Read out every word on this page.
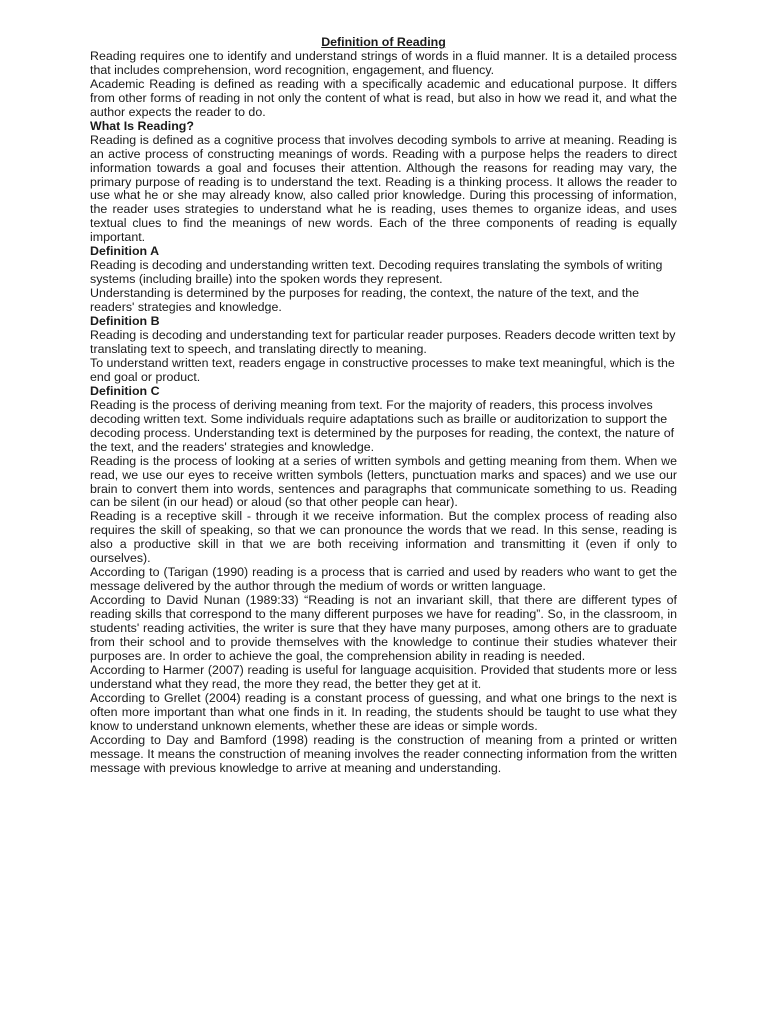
Definition of Reading

Reading requires one to identify and understand strings of words in a fluid manner. It is a detailed process that includes comprehension, word recognition, engagement, and fluency.

Academic Reading is defined as reading with a specifically academic and educational purpose. It differs from other forms of reading in not only the content of what is read, but also in how we read it, and what the author expects the reader to do.

What Is Reading?

Reading is defined as a cognitive process that involves decoding symbols to arrive at meaning. Reading is an active process of constructing meanings of words. Reading with a purpose helps the readers to direct information towards a goal and focuses their attention. Although the reasons for reading may vary, the primary purpose of reading is to understand the text. Reading is a thinking process. It allows the reader to use what he or she may already know, also called prior knowledge. During this processing of information, the reader uses strategies to understand what he is reading, uses themes to organize ideas, and uses textual clues to find the meanings of new words. Each of the three components of reading is equally important.

Definition A

Reading is decoding and understanding written text. Decoding requires translating the symbols of writing systems (including braille) into the spoken words they represent.

Understanding is determined by the purposes for reading, the context, the nature of the text, and the readers' strategies and knowledge.

Definition B

Reading is decoding and understanding text for particular reader purposes. Readers decode written text by translating text to speech, and translating directly to meaning.

To understand written text, readers engage in constructive processes to make text meaningful, which is the end goal or product.

Definition C

Reading is the process of deriving meaning from text. For the majority of readers, this process involves decoding written text. Some individuals require adaptations such as braille or auditorization to support the decoding process. Understanding text is determined by the purposes for reading, the context, the nature of the text, and the readers' strategies and knowledge.

Reading is the process of looking at a series of written symbols and getting meaning from them. When we read, we use our eyes to receive written symbols (letters, punctuation marks and spaces) and we use our brain to convert them into words, sentences and paragraphs that communicate something to us. Reading can be silent (in our head) or aloud (so that other people can hear).

Reading is a receptive skill - through it we receive information. But the complex process of reading also requires the skill of speaking, so that we can pronounce the words that we read. In this sense, reading is also a productive skill in that we are both receiving information and transmitting it (even if only to ourselves).

According to (Tarigan (1990) reading is a process that is carried and used by readers who want to get the message delivered by the author through the medium of words or written language.

According to David Nunan (1989:33) “Reading is not an invariant skill, that there are different types of reading skills that correspond to the many different purposes we have for reading”. So, in the classroom, in students' reading activities, the writer is sure that they have many purposes, among others are to graduate from their school and to provide themselves with the knowledge to continue their studies whatever their purposes are. In order to achieve the goal, the comprehension ability in reading is needed.

According to Harmer (2007) reading is useful for language acquisition. Provided that students more or less understand what they read, the more they read, the better they get at it.

According to Grellet (2004) reading is a constant process of guessing, and what one brings to the next is often more important than what one finds in it. In reading, the students should be taught to use what they know to understand unknown elements, whether these are ideas or simple words.

According to Day and Bamford (1998) reading is the construction of meaning from a printed or written message. It means the construction of meaning involves the reader connecting information from the written message with previous knowledge to arrive at meaning and understanding.
